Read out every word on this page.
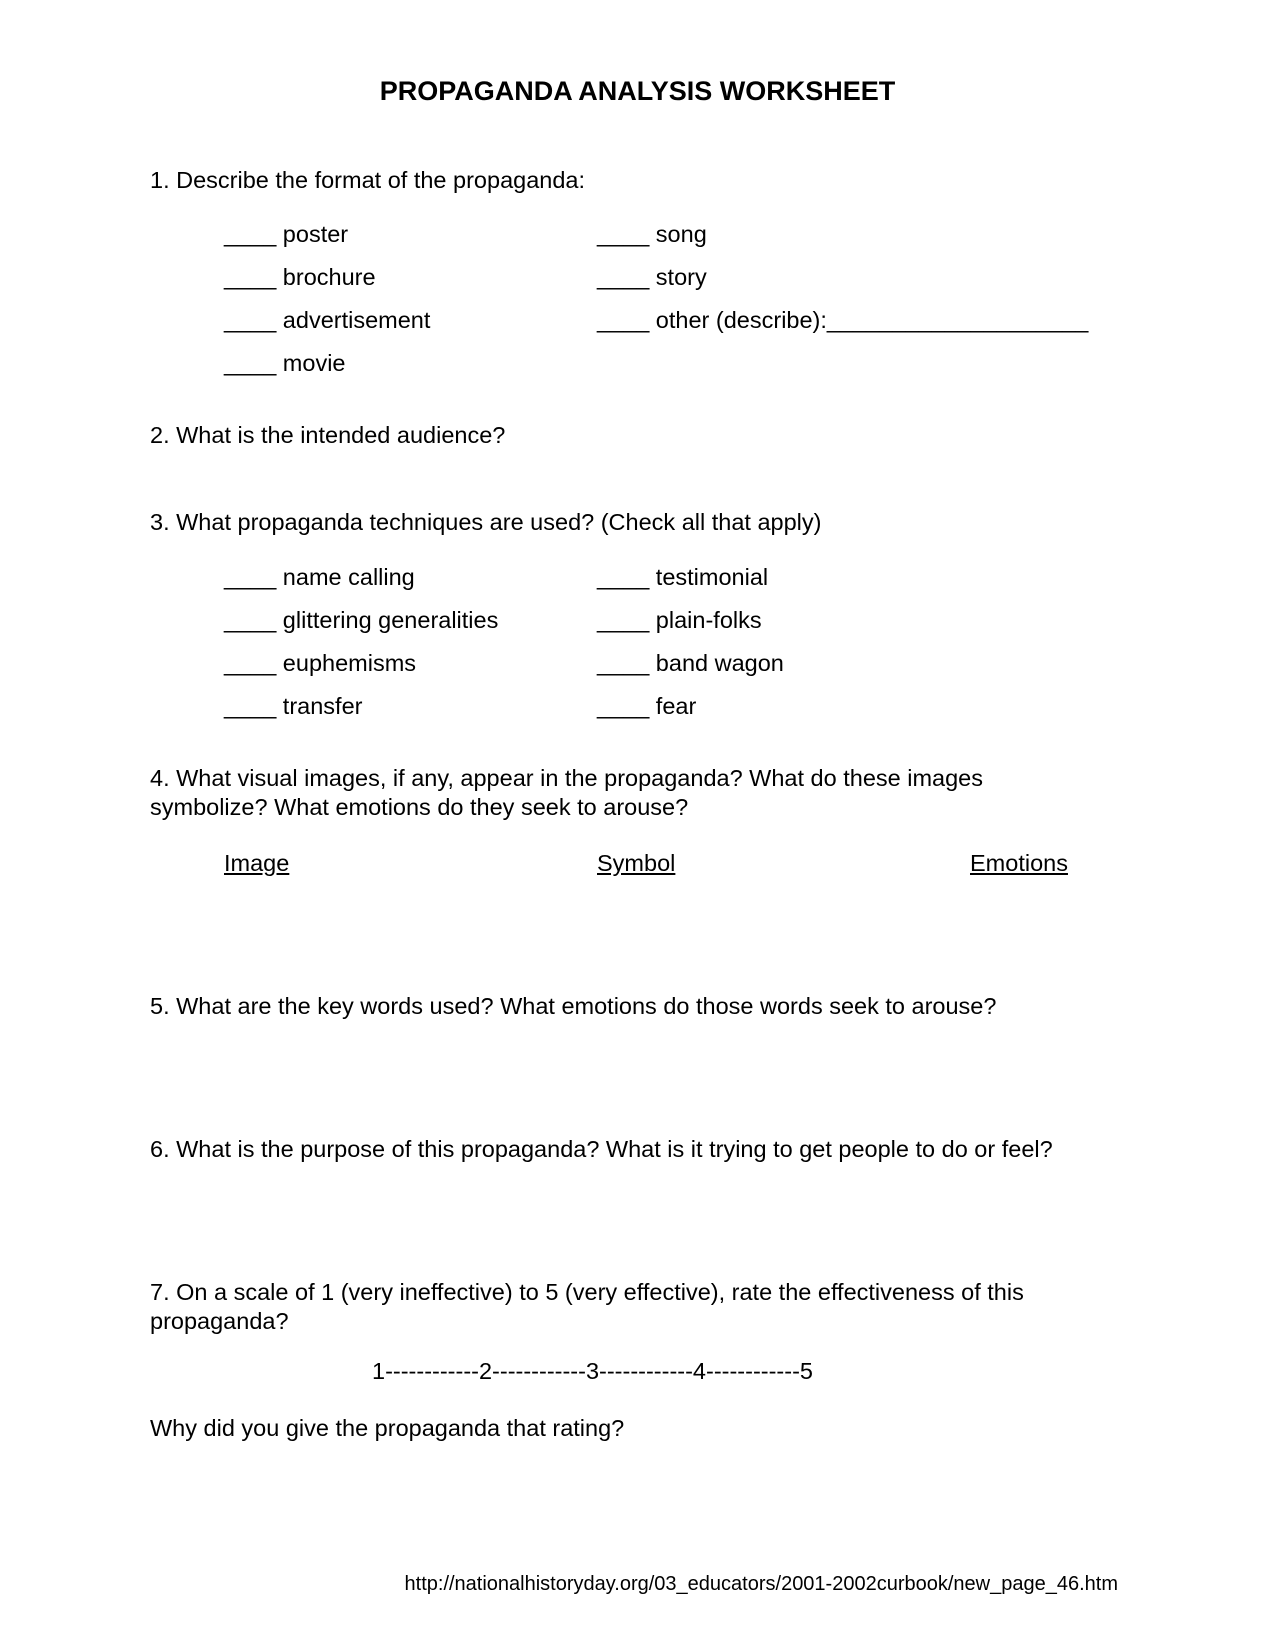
PROPAGANDA ANALYSIS WORKSHEET
1. Describe the format of the propaganda:
____ poster
____ brochure
____ advertisement
____ movie
____ song
____ story
____ other (describe):____________________
2. What is the intended audience?
3. What propaganda techniques are used? (Check all that apply)
____ name calling
____ glittering generalities
____ euphemisms
____ transfer
____ testimonial
____ plain-folks
____ band wagon
____ fear
4. What visual images, if any, appear in the propaganda? What do these images
symbolize? What emotions do they seek to arouse?
Image	Symbol	Emotions
5. What are the key words used? What emotions do those words seek to arouse?
6. What is the purpose of this propaganda? What is it trying to get people to do or feel?
7. On a scale of 1 (very ineffective) to 5 (very effective), rate the effectiveness of this
propaganda?
1------------2------------3------------4------------5
Why did you give the propaganda that rating?
http://nationalhistoryday.org/03_educators/2001-2002curbook/new_page_46.htm
